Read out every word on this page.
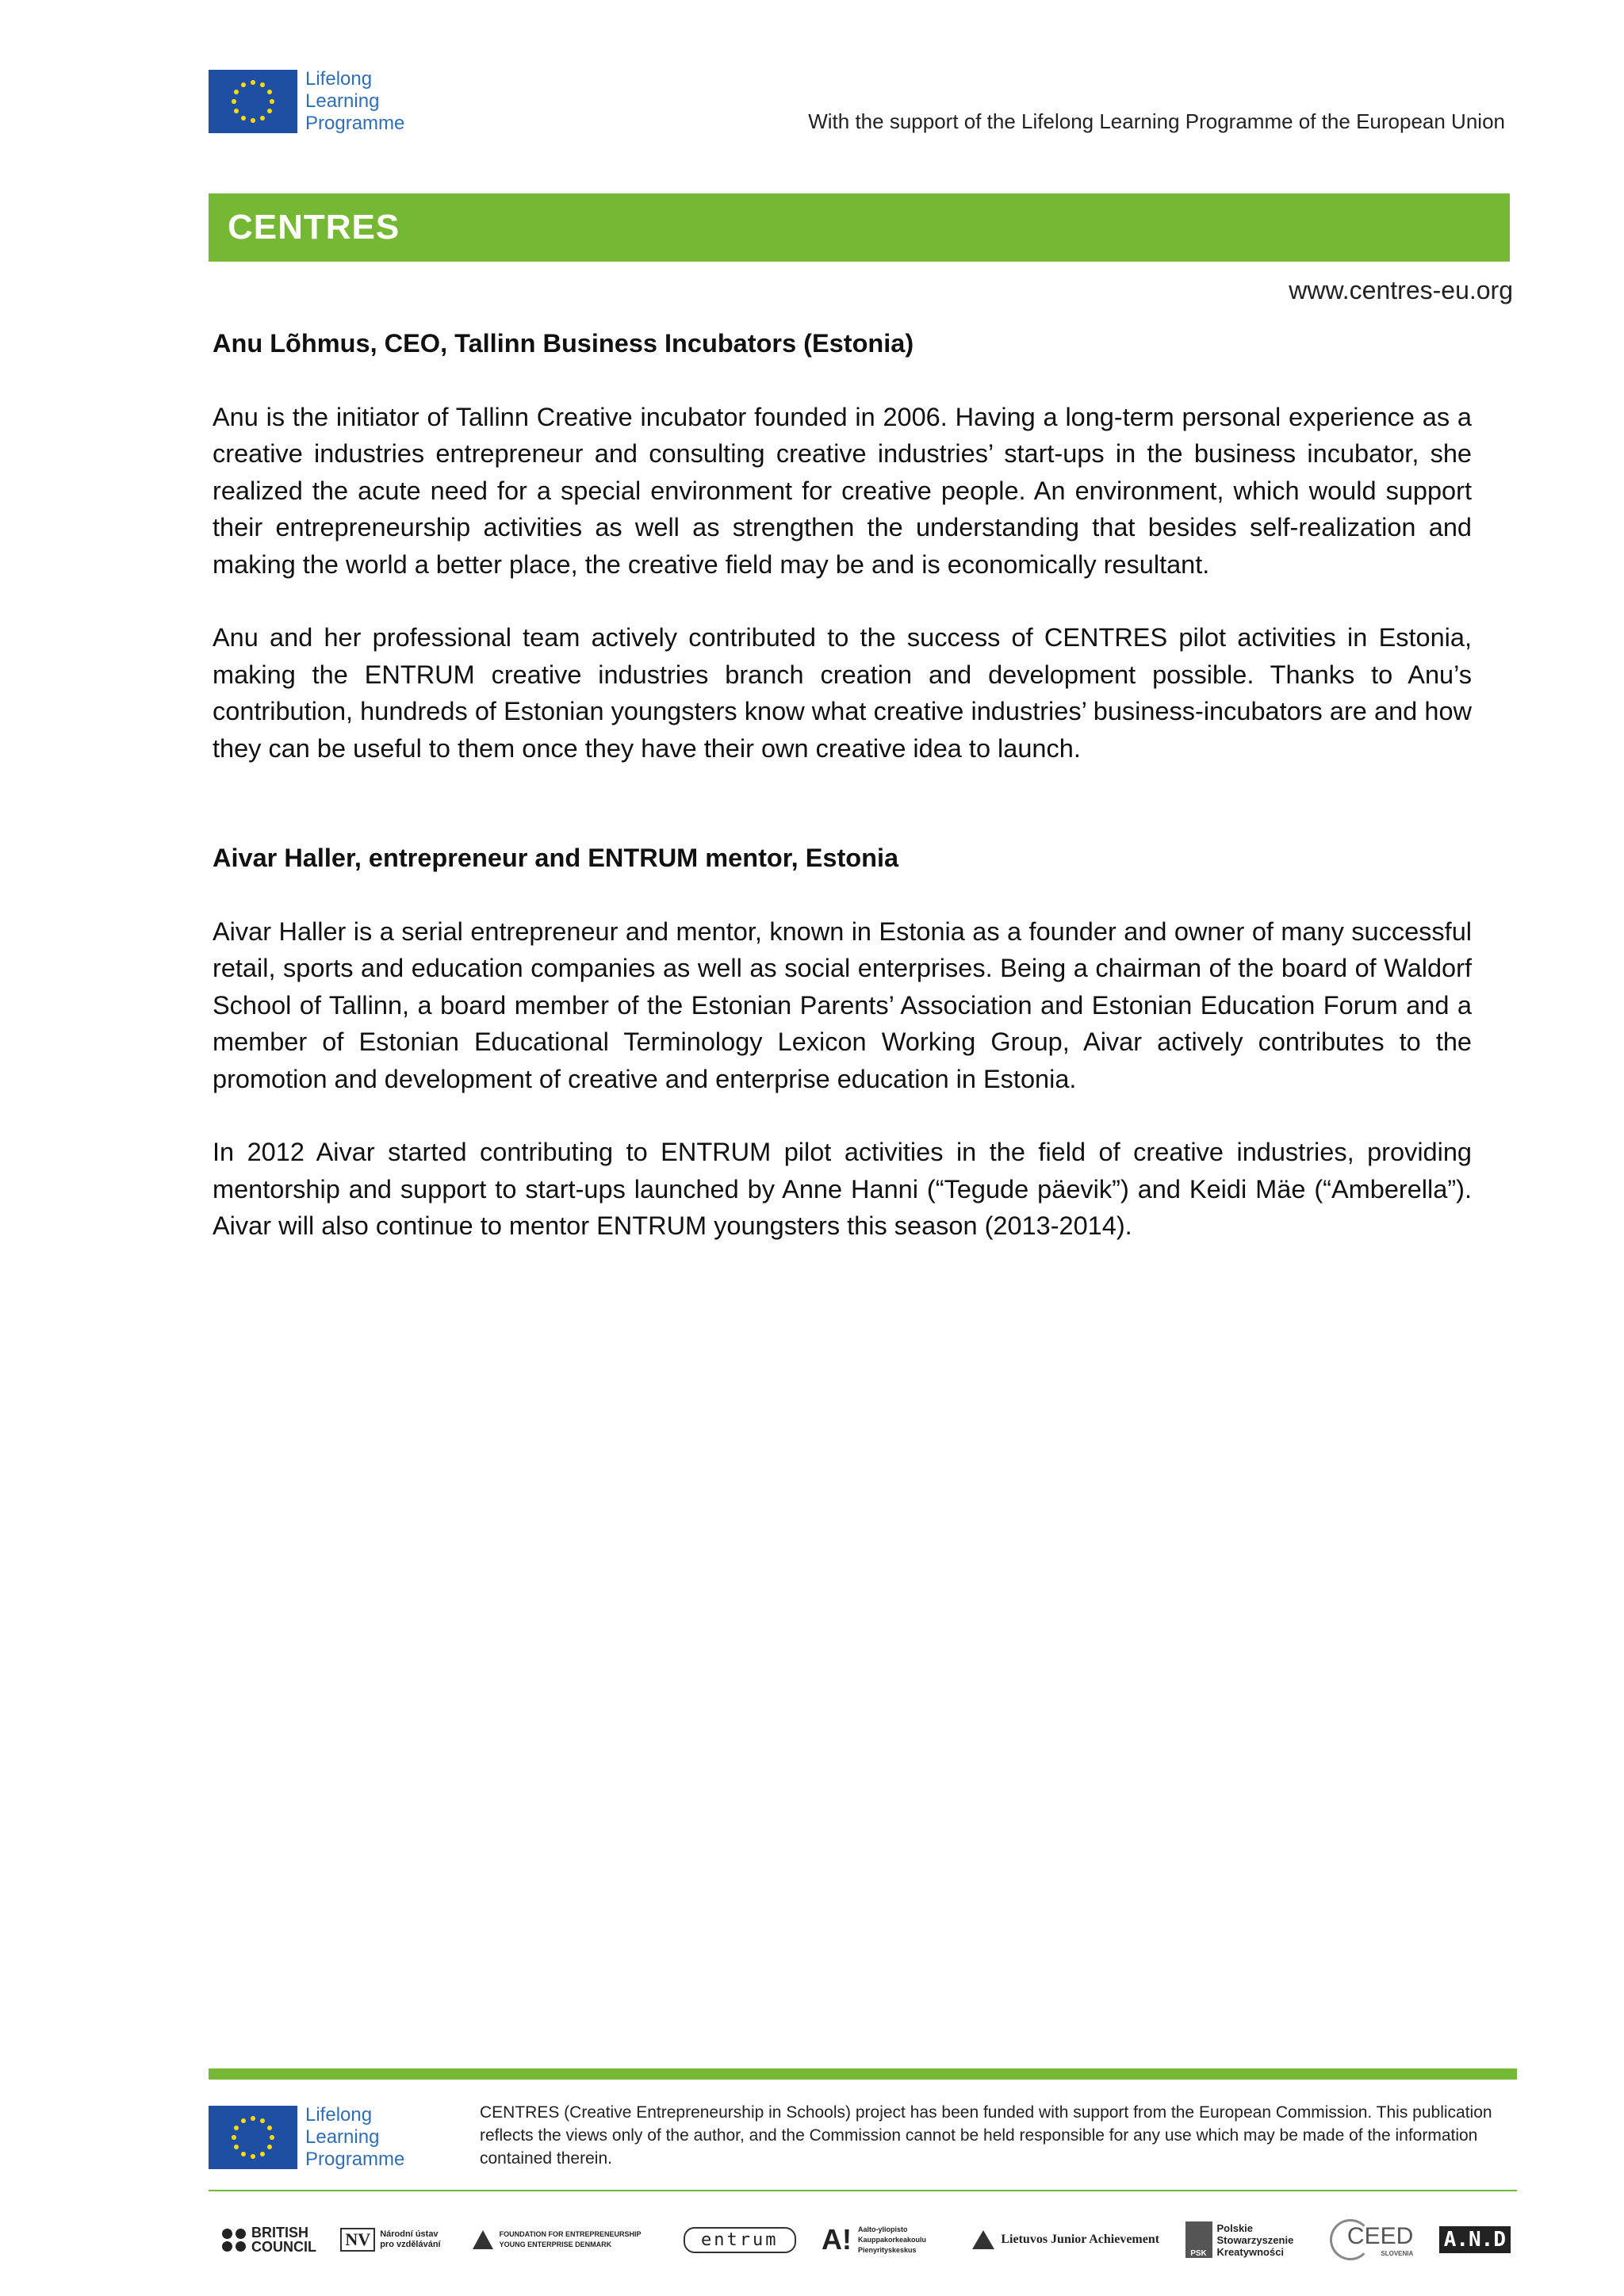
Lifelong
Learning
Programme	With the support of the Lifelong Learning Programme of the European Union
CENTRES
www.centres-eu.org
Anu Lõhmus, CEO, Tallinn Business Incubators (Estonia)

Anu is the initiator of Tallinn Creative incubator founded in 2006. Having a long-term personal experience as a creative industries entrepreneur and consulting creative industries’ start-ups in the business incubator, she realized the acute need for a special environment for creative people. An environment, which would support their entrepreneurship activities as well as strengthen the understanding that besides self-realization and making the world a better place, the creative field may be and is economically resultant.

Anu and her professional team actively contributed to the success of CENTRES pilot activities in Estonia, making the ENTRUM creative industries branch creation and development possible. Thanks to Anu’s contribution, hundreds of Estonian youngsters know what creative industries’ business-incubators are and how they can be useful to them once they have their own creative idea to launch.

Aivar Haller, entrepreneur and ENTRUM mentor, Estonia

Aivar Haller is a serial entrepreneur and mentor, known in Estonia as a founder and owner of many successful retail, sports and education companies as well as social enterprises. Being a chairman of the board of Waldorf School of Tallinn, a board member of the Estonian Parents’ Association and Estonian Education Forum and a member of Estonian Educational Terminology Lexicon Working Group, Aivar actively contributes to the promotion and development of creative and enterprise education in Estonia.

In 2012 Aivar started contributing to ENTRUM pilot activities in the field of creative industries, providing mentorship and support to start-ups launched by Anne Hanni (“Tegude päevik”) and Keidi Mäe (“Amberella”). Aivar will also continue to mentor ENTRUM youngsters this season (2013-2014).

Lifelong
Learning
Programme
CENTRES (Creative Entrepreneurship in Schools) project has been funded with support from the European Commission. This publication reflects the views only of the author, and the Commission cannot be held responsible for any use which may be made of the information contained therein.
BRITISH COUNCIL NV	Národní ústav pro vzdělávání
FOUNDATION FOR ENTREPRENEURSHIP YOUNG ENTERPRISE DENMARK	entrum	A! Aalto-yliopisto Kauppakorkeakoulu Pienyrityskeskus
Lietuvos Junior Achievement
PSK
Polskie Stowarzyszenie Kreatywności
CEED
SLOVENIA
A.N.D
